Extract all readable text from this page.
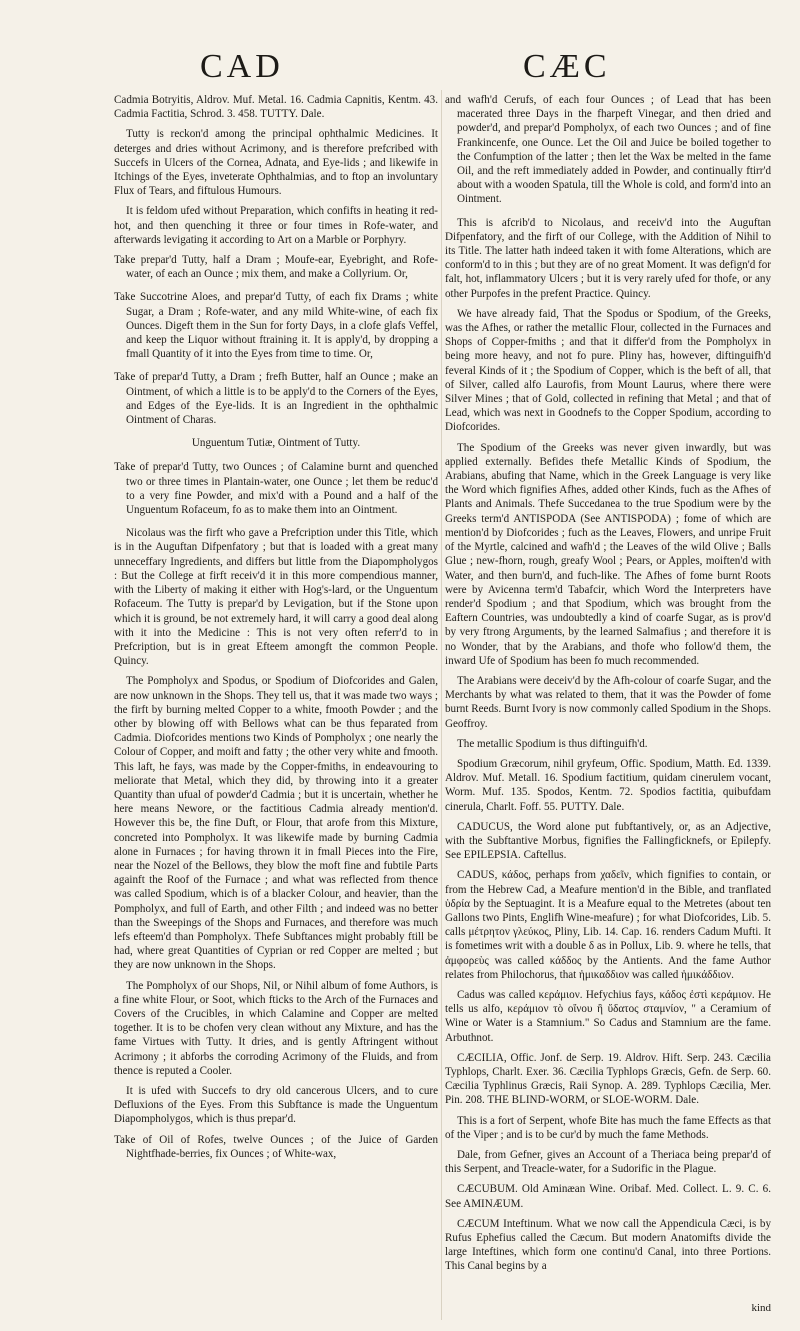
CAD	CÆC

Cadmia Botryitis, Aldrov. Muf. Metal. 16. Cadmia Capnitis, Kentm. 43. Cadmia Factitia, Schrod. 3. 458. TUTTY. Dale.

Tutty is reckon'd among the principal ophthalmic Medicines. It deterges and dries without Acrimony, and is therefore prefcribed with Succefs in Ulcers of the Cornea, Adnata, and Eye-lids ; and likewife in Itchings of the Eyes, inveterate Ophthalmias, and to ftop an involuntary Flux of Tears, and fiftulous Humours.

It is feldom ufed without Preparation, which confifts in heating it red-hot, and then quenching it three or four times in Rofe-water, and afterwards levigating it according to Art on a Marble or Porphyry.

Take prepar'd Tutty, half a Dram ; Moufe-ear, Eyebright, and Rofe-water, of each an Ounce ; mix them, and make a Collyrium. Or,

Take Succotrine Aloes, and prepar'd Tutty, of each fix Drams ; white Sugar, a Dram ; Rofe-water, and any mild White-wine, of each fix Ounces. Digeft them in the Sun for forty Days, in a clofe glafs Veffel, and keep the Liquor without ftraining it. It is apply'd, by dropping a fmall Quantity of it into the Eyes from time to time. Or,

Take of prepar'd Tutty, a Dram ; frefh Butter, half an Ounce ; make an Ointment, of which a little is to be apply'd to the Corners of the Eyes, and Edges of the Eye-lids. It is an Ingredient in the ophthalmic Ointment of Charas.

Unguentum Tutiæ, Ointment of Tutty.

Take of prepar'd Tutty, two Ounces ; of Calamine burnt and quenched two or three times in Plantain-water, one Ounce ; let them be reduc'd to a very fine Powder, and mix'd with a Pound and a half of the Unguentum Rofaceum, fo as to make them into an Ointment.

Nicolaus was the firft who gave a Prefcription under this Title, which is in the Auguftan Difpenfatory ; but that is loaded with a great many unneceffary Ingredients, and differs but little from the Diapompholygos : But the College at firft receiv'd it in this more compendious manner, with the Liberty of making it either with Hog's-lard, or the Unguentum Rofaceum. The Tutty is prepar'd by Levigation, but if the Stone upon which it is ground, be not extremely hard, it will carry a good deal along with it into the Medicine : This is not very often referr'd to in Prefcription, but is in great Efteem amongft the common People. Quincy.

The Pompholyx and Spodus, or Spodium of Diofcorides and Galen, are now unknown in the Shops. They tell us, that it was made two ways ; the firft by burning melted Copper to a white, fmooth Powder ; and the other by blowing off with Bellows what can be thus feparated from Cadmia. Diofcorides mentions two Kinds of Pompholyx ; one nearly the Colour of Copper, and moift and fatty ; the other very white and fmooth. This laft, he fays, was made by the Copper-fmiths, in endeavouring to meliorate that Metal, which they did, by throwing into it a greater Quantity than ufual of powder'd Cadmia ; but it is uncertain, whether he here means Newore, or the factitious Cadmia already mention'd. However this be, the fine Duft, or Flour, that arofe from this Mixture, concreted into Pompholyx. It was likewife made by burning Cadmia alone in Furnaces ; for having thrown it in fmall Pieces into the Fire, near the Nozel of the Bellows, they blow the moft fine and fubtile Parts againft the Roof of the Furnace ; and what was reflected from thence was called Spodium, which is of a blacker Colour, and heavier, than the Pompholyx, and full of Earth, and other Filth ; and indeed was no better than the Sweepings of the Shops and Furnaces, and therefore was much lefs efteem'd than Pompholyx. Thefe Subftances might probably ftill be had, where great Quantities of Cyprian or red Copper are melted ; but they are now unknown in the Shops.

The Pompholyx of our Shops, Nil, or Nihil album of fome Authors, is a fine white Flour, or Soot, which fticks to the Arch of the Furnaces and Covers of the Crucibles, in which Calamine and Copper are melted together. It is to be chofen very clean without any Mixture, and has the fame Virtues with Tutty. It dries, and is gently Aftringent without Acrimony ; it abforbs the corroding Acrimony of the Fluids, and from thence is reputed a Cooler.

It is ufed with Succefs to dry old cancerous Ulcers, and to cure Defluxions of the Eyes. From this Subftance is made the Unguentum Diapompholygos, which is thus prepar'd.

Take of Oil of Rofes, twelve Ounces ; of the Juice of Garden Nightfhade-berries, fix Ounces ; of White-wax,

and wafh'd Cerufs, of each four Ounces ; of Lead that has been macerated three Days in the fharpeft Vinegar, and then dried and powder'd, and prepar'd Pompholyx, of each two Ounces ; and of fine Frankincenfe, one Ounce. Let the Oil and Juice be boiled together to the Confumption of the latter ; then let the Wax be melted in the fame Oil, and the reft immediately added in Powder, and continually ftirr'd about with a wooden Spatula, till the Whole is cold, and form'd into an Ointment.

This is afcrib'd to Nicolaus, and receiv'd into the Auguftan Difpenfatory, and the firft of our College, with the Addition of Nihil to its Title. The latter hath indeed taken it with fome Alterations, which are conform'd to in this ; but they are of no great Moment. It was defign'd for falt, hot, inflammatory Ulcers ; but it is very rarely ufed for thofe, or any other Purpofes in the prefent Practice. Quincy.

We have already faid, That the Spodus or Spodium, of the Greeks, was the Afhes, or rather the metallic Flour, collected in the Furnaces and Shops of Copper-fmiths ; and that it differ'd from the Pompholyx in being more heavy, and not fo pure. Pliny has, however, diftinguifh'd feveral Kinds of it ; the Spodium of Copper, which is the beft of all, that of Silver, called alfo Laurofis, from Mount Laurus, where there were Silver Mines ; that of Gold, collected in refining that Metal ; and that of Lead, which was next in Goodnefs to the Copper Spodium, according to Diofcorides.

The Spodium of the Greeks was never given inwardly, but was applied externally. Befides thefe Metallic Kinds of Spodium, the Arabians, abufing that Name, which in the Greek Language is very like the Word which fignifies Afhes, added other Kinds, fuch as the Afhes of Plants and Animals. Thefe Succedanea to the true Spodium were by the Greeks term'd ANTISPODA (See ANTISPODA) ; fome of which are mention'd by Diofcorides ; fuch as the Leaves, Flowers, and unripe Fruit of the Myrtle, calcined and wafh'd ; the Leaves of the wild Olive ; Balls Glue ; new-fhorn, rough, greafy Wool ; Pears, or Apples, moiften'd with Water, and then burn'd, and fuch-like. The Afhes of fome burnt Roots were by Avicenna term'd Tabafcir, which Word the Interpreters have render'd Spodium ; and that Spodium, which was brought from the Eaftern Countries, was undoubtedly a kind of coarfe Sugar, as is prov'd by very ftrong Arguments, by the learned Salmafius ; and therefore it is no Wonder, that by the Arabians, and thofe who follow'd them, the inward Ufe of Spodium has been fo much recommended.

The Arabians were deceiv'd by the Afh-colour of coarfe Sugar, and the Merchants by what was related to them, that it was the Powder of fome burnt Reeds. Burnt Ivory is now commonly called Spodium in the Shops. Geoffroy.

The metallic Spodium is thus diftinguifh'd.

Spodium Græcorum, nihil gryfeum, Offic. Spodium, Matth. Ed. 1339. Aldrov. Muf. Metall. 16. Spodium factitium, quidam cinerulem vocant, Worm. Muf. 135. Spodos, Kentm. 72. Spodios factitia, quibufdam cinerula, Charlt. Foff. 55. PUTTY. Dale.

CADUCUS, the Word alone put fubftantively, or, as an Adjective, with the Subftantive Morbus, fignifies the Fallingficknefs, or Epilepfy. See EPILEPSIA. Caftellus.

CADUS, κάδος, perhaps from χαδεῖν, which fignifies to contain, or from the Hebrew Cad, a Meafure mention'd in the Bible, and tranflated ὑδρία by the Septuagint. It is a Meafure equal to the Metretes (about ten Gallons two Pints, Englifh Wine-meafure) ; for what Diofcorides, Lib. 5. calls μέτρητον γλεύκος, Pliny, Lib. 14. Cap. 16. renders Cadum Mufti. It is fometimes writ with a double δ as in Pollux, Lib. 9. where he tells, that ἀμφορεὺς was called κάδδος by the Antients. And the fame Author relates from Philochorus, that ἡμικαδδιον was called ἡμικάδδιον.

Cadus was called κεράμιον. Hefychius fays, κάδος ἐστὶ κεράμιον. He tells us alfo, κεράμιον τὸ οἴνου ἢ ὕδατος σταμνίον, " a Ceramium of Wine or Water is a Stamnium." So Cadus and Stamnium are the fame. Arbuthnot.

CÆCILIA, Offic. Jonf. de Serp. 19. Aldrov. Hift. Serp. 243. Cæcilia Typhlops, Charlt. Exer. 36. Cæcilia Typhlops Græcis, Gefn. de Serp. 60. Cæcilia Typhlinus Græcis, Raii Synop. A. 289. Typhlops Cæcilia, Mer. Pin. 208. THE BLIND-WORM, or SLOE-WORM. Dale.

This is a fort of Serpent, whofe Bite has much the fame Effects as that of the Viper ; and is to be cur'd by much the fame Methods.

Dale, from Gefner, gives an Account of a Theriaca being prepar'd of this Serpent, and Treacle-water, for a Sudorific in the Plague.

CÆCUBUM. Old Aminæan Wine. Oribaf. Med. Collect. L. 9. C. 6. See AMINÆUM.

CÆCUM Inteftinum. What we now call the Appendicula Cæci, is by Rufus Ephefius called the Cæcum. But modern Anatomifts divide the large Inteftines, which form one continu'd Canal, into three Portions. This Canal begins by a

kind
